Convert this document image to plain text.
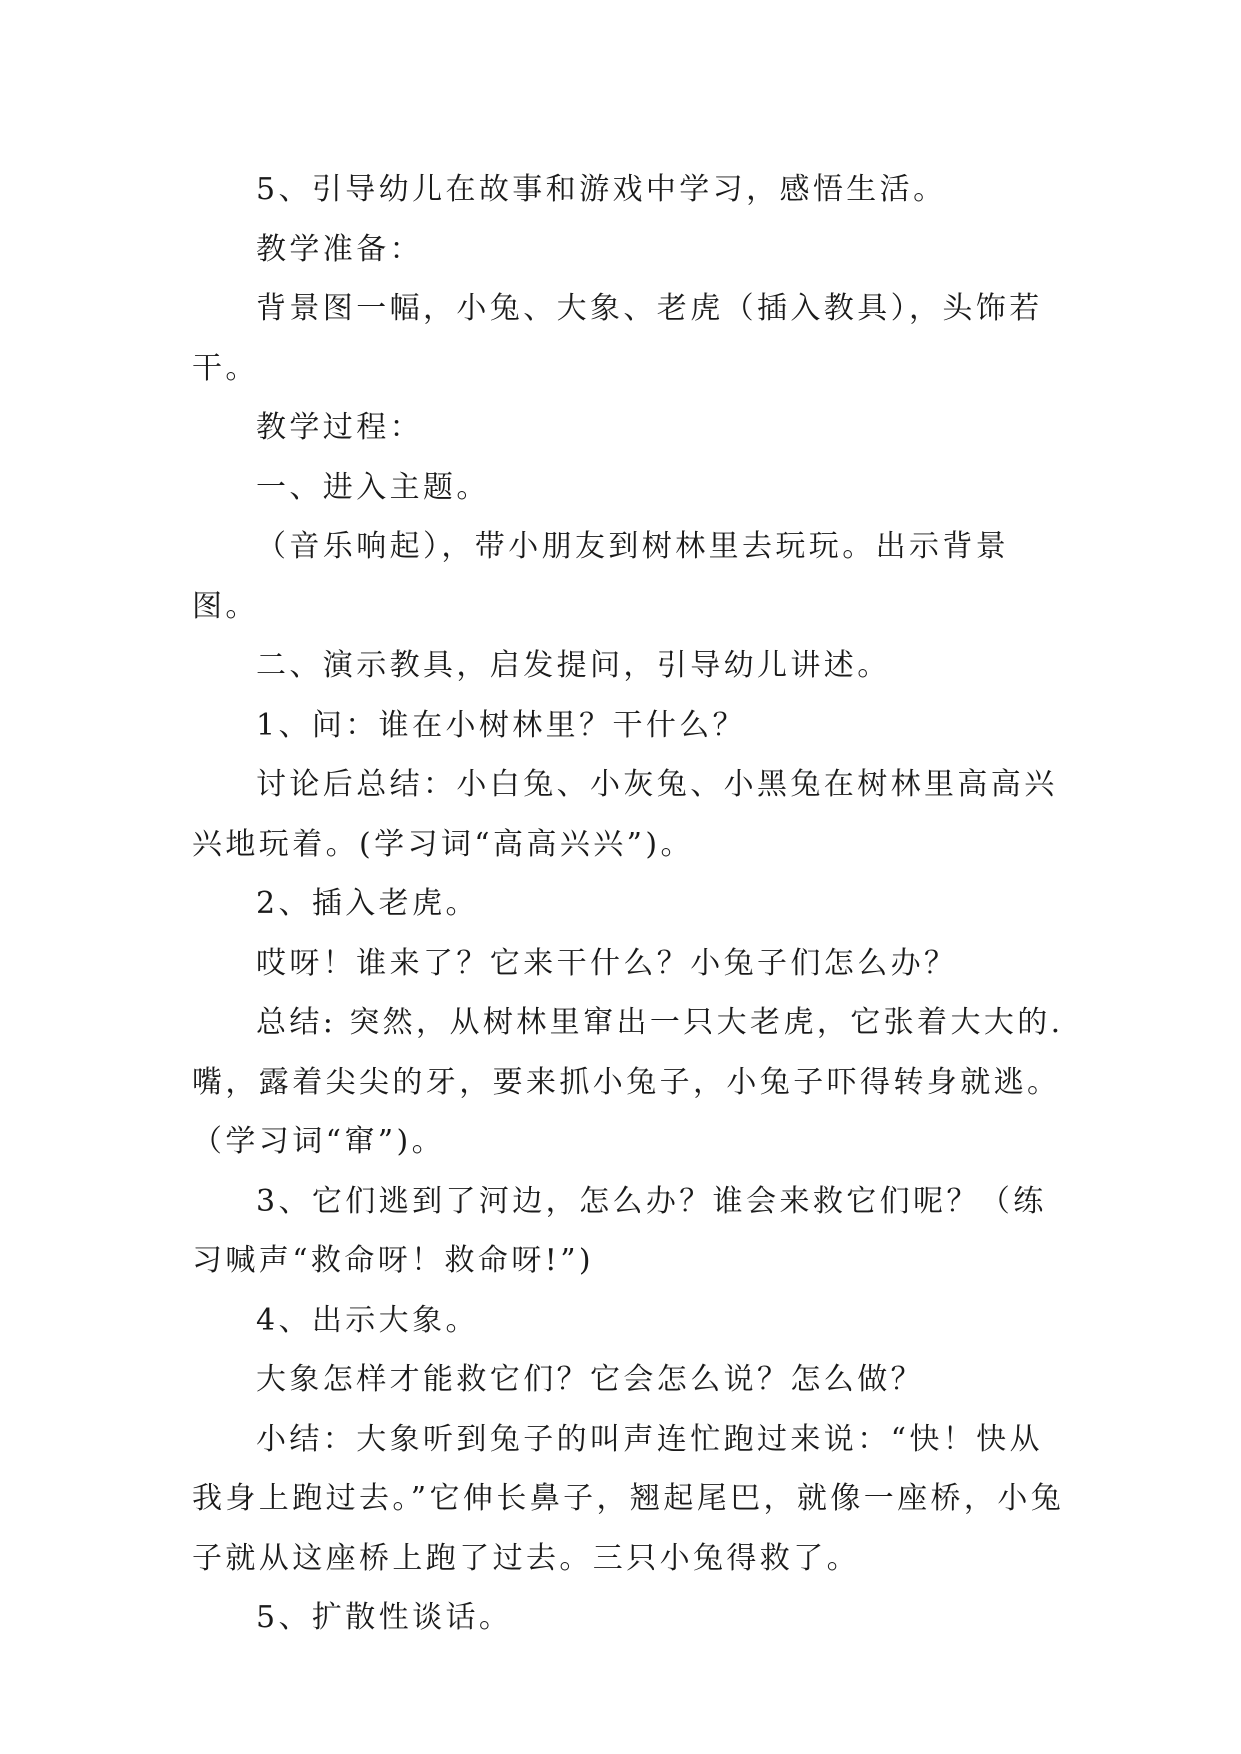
5、引导幼儿在故事和游戏中学习，感悟生活。

教学准备：

背景图一幅，小兔、大象、老虎（插入教具），头饰若干。

教学过程：

一、进入主题。

（音乐响起），带小朋友到树林里去玩玩。出示背景图。

二、演示教具，启发提问，引导幼儿讲述。

1、问：谁在小树林里？干什么？

讨论后总结：小白兔、小灰兔、小黑兔在树林里高高兴兴地玩着。(学习词“高高兴兴”)。

2、插入老虎。

哎呀！谁来了？它来干什么？小兔子们怎么办？

总结: 突然，从树林里窜出一只大老虎，它张着大大的.嘴，露着尖尖的牙，要来抓小兔子，小兔子吓得转身就逃。（学习词“窜”)。

3、它们逃到了河边，怎么办？谁会来救它们呢？（练习喊声“救命呀！救命呀!”)

4、出示大象。

大象怎样才能救它们？它会怎么说？怎么做？

小结：大象听到兔子的叫声连忙跑过来说：“快！快从我身上跑过去。”它伸长鼻子，翘起尾巴，就像一座桥，小兔子就从这座桥上跑了过去。三只小兔得救了。

5、扩散性谈话。
